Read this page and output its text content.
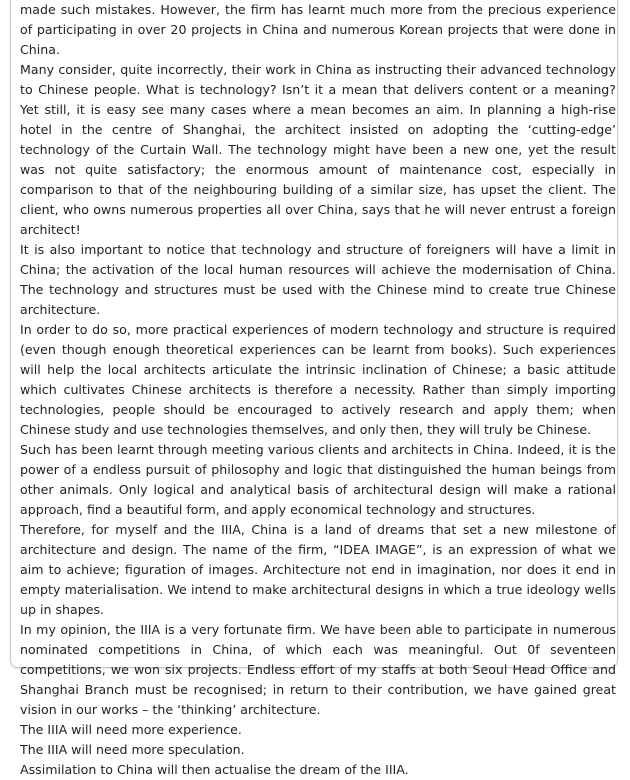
made such mistakes. However, the firm has learnt much more from the precious experience of participating in over 20 projects in China and numerous Korean projects that were done in China.

Many consider, quite incorrectly, their work in China as instructing their advanced technology to Chinese people. What is technology? Isn’t it a mean that delivers content or a meaning? Yet still, it is easy see many cases where a mean becomes an aim. In planning a high-rise hotel in the centre of Shanghai, the architect insisted on adopting the ‘cutting-edge’ technology of the Curtain Wall. The technology might have been a new one, yet the result was not quite satisfactory; the enormous amount of maintenance cost, especially in comparison to that of the neighbouring building of a similar size, has upset the client. The client, who owns numerous properties all over China, says that he will never entrust a foreign architect!

It is also important to notice that technology and structure of foreigners will have a limit in China; the activation of the local human resources will achieve the modernisation of China. The technology and structures must be used with the Chinese mind to create true Chinese architecture.

In order to do so, more practical experiences of modern technology and structure is required (even though enough theoretical experiences can be learnt from books). Such experiences will help the local architects articulate the intrinsic inclination of Chinese; a basic attitude which cultivates Chinese architects is therefore a necessity. Rather than simply importing technologies, people should be encouraged to actively research and apply them; when Chinese study and use technologies themselves, and only then, they will truly be Chinese.

Such has been learnt through meeting various clients and architects in China. Indeed, it is the power of a endless pursuit of philosophy and logic that distinguished the human beings from other animals. Only logical and analytical basis of architectural design will make a rational approach, find a beautiful form, and apply economical technology and structures.

Therefore, for myself and the IIIA, China is a land of dreams that set a new milestone of architecture and design. The name of the firm, “IDEA IMAGE”, is an expression of what we aim to achieve; figuration of images. Architecture not end in imagination, nor does it end in empty materialisation. We intend to make architectural designs in which a true ideology wells up in shapes.

In my opinion, the IIIA is a very fortunate firm. We have been able to participate in numerous nominated competitions in China, of which each was meaningful. Out 0f seventeen competitions, we won six projects. Endless effort of my staffs at both Seoul Head Office and Shanghai Branch must be recognised; in return to their contribution, we have gained great vision in our works – the ‘thinking’ architecture.

The IIIA will need more experience.

The IIIA will need more speculation.

Assimilation to China will then actualise the dream of the IIIA.
